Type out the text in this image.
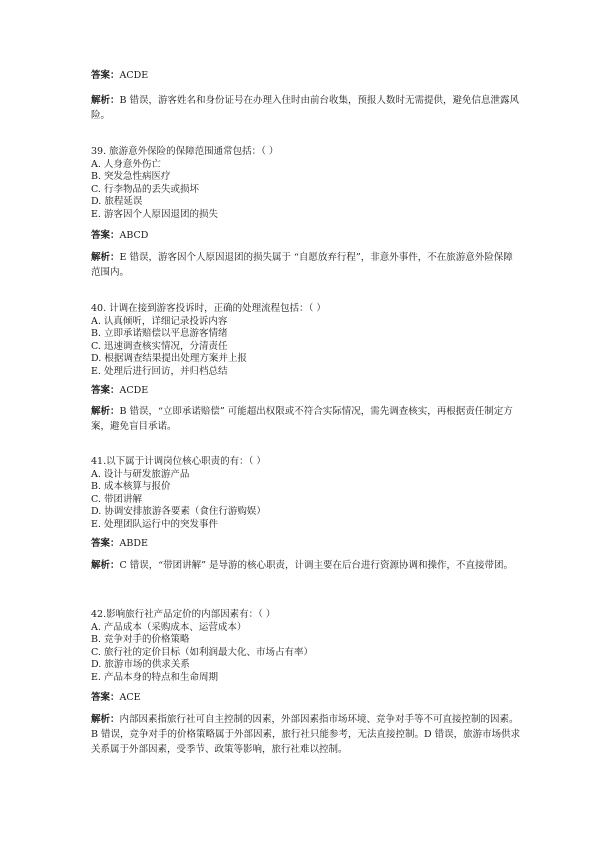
答案：ACDE
解析：B 错误，游客姓名和身份证号在办理入住时由前台收集，预报人数时无需提供，避免信息泄露风险。
39. 旅游意外保险的保障范围通常包括：（ ）
A. 人身意外伤亡
B. 突发急性病医疗
C. 行李物品的丢失或损坏
D. 旅程延误
E. 游客因个人原因退团的损失
答案：ABCD
解析：E 错误，游客因个人原因退团的损失属于 “自愿放弃行程”，非意外事件，不在旅游意外险保障范围内。
40. 计调在接到游客投诉时，正确的处理流程包括：（ ）
A. 认真倾听，详细记录投诉内容
B. 立即承诺赔偿以平息游客情绪
C. 迅速调查核实情况，分清责任
D. 根据调查结果提出处理方案并上报
E. 处理后进行回访，并归档总结
答案：ACDE
解析：B 错误，“立即承诺赔偿” 可能超出权限或不符合实际情况，需先调查核实，再根据责任制定方案，避免盲目承诺。
41.以下属于计调岗位核心职责的有：（ ）
A. 设计与研发旅游产品
B. 成本核算与报价
C. 带团讲解
D. 协调安排旅游各要素（食住行游购娱）
E. 处理团队运行中的突发事件
答案：ABDE
解析：C 错误，“带团讲解” 是导游的核心职责，计调主要在后台进行资源协调和操作，不直接带团。
42.影响旅行社产品定价的内部因素有：（ ）
A. 产品成本（采购成本、运营成本）
B. 竞争对手的价格策略
C. 旅行社的定价目标（如利润最大化、市场占有率）
D. 旅游市场的供求关系
E. 产品本身的特点和生命周期
答案：ACE
解析：内部因素指旅行社可自主控制的因素，外部因素指市场环境、竞争对手等不可直接控制的因素。B 错误，竞争对手的价格策略属于外部因素，旅行社只能参考，无法直接控制。D 错误，旅游市场供求关系属于外部因素，受季节、政策等影响，旅行社难以控制。
